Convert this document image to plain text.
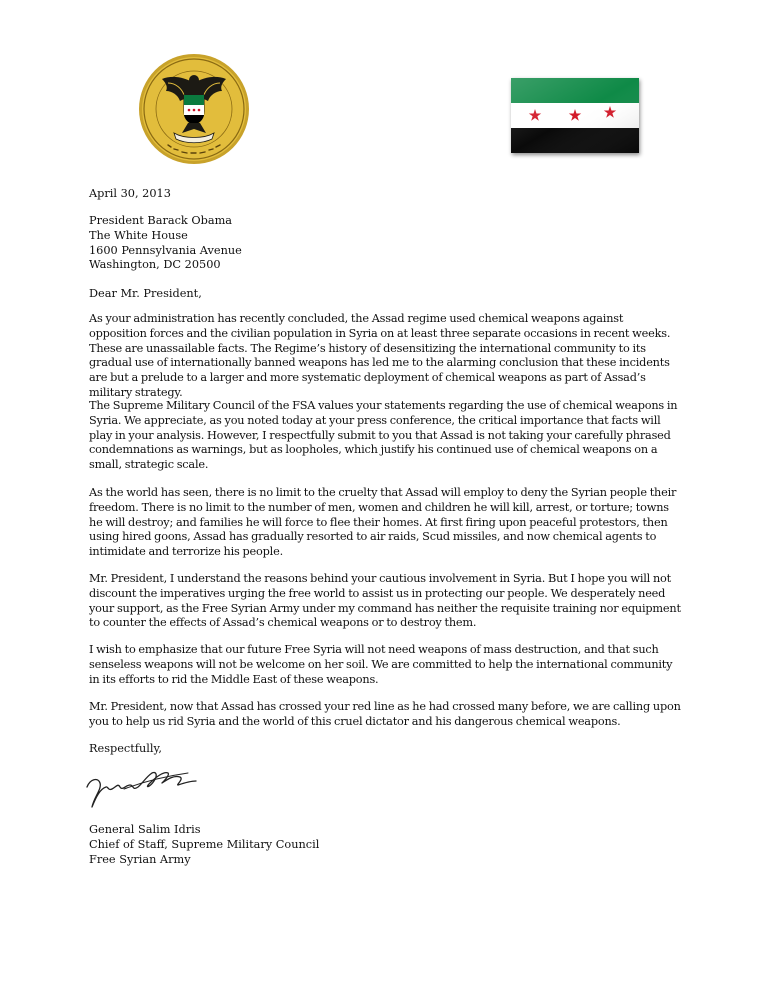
April 30, 2013
President Barack Obama
The White House
1600 Pennsylvania Avenue
Washington, DC 20500
Dear Mr. President,
As your administration has recently concluded, the Assad regime used chemical weapons against opposition forces and the civilian population in Syria on at least three separate occasions in recent weeks. These are unassailable facts. The Regime’s history of desensitizing the international community to its gradual use of internationally banned weapons has led me to the alarming conclusion that these incidents are but a prelude to a larger and more systematic deployment of chemical weapons as part of Assad’s military strategy.
The Supreme Military Council of the FSA values your statements regarding the use of chemical weapons in Syria. We appreciate, as you noted today at your press conference, the critical importance that facts will play in your analysis. However, I respectfully submit to you that Assad is not taking your carefully phrased condemnations as warnings, but as loopholes, which justify his continued use of chemical weapons on a small, strategic scale.
As the world has seen, there is no limit to the cruelty that Assad will employ to deny the Syrian people their freedom. There is no limit to the number of men, women and children he will kill, arrest, or torture; towns he will destroy; and families he will force to flee their homes. At first firing upon peaceful protestors, then using hired goons, Assad has gradually resorted to air raids, Scud missiles, and now chemical agents to intimidate and terrorize his people.
Mr. President, I understand the reasons behind your cautious involvement in Syria. But I hope you will not discount the imperatives urging the free world to assist us in protecting our people. We desperately need your support, as the Free Syrian Army under my command has neither the requisite training nor equipment to counter the effects of Assad’s chemical weapons or to destroy them.
I wish to emphasize that our future Free Syria will not need weapons of mass destruction, and that such senseless weapons will not be welcome on her soil. We are committed to help the international community in its efforts to rid the Middle East of these weapons.
Mr. President, now that Assad has crossed your red line as he had crossed many before, we are calling upon you to help us rid Syria and the world of this cruel dictator and his dangerous chemical weapons.
Respectfully,
General Salim Idris
Chief of Staff, Supreme Military Council
Free Syrian Army
